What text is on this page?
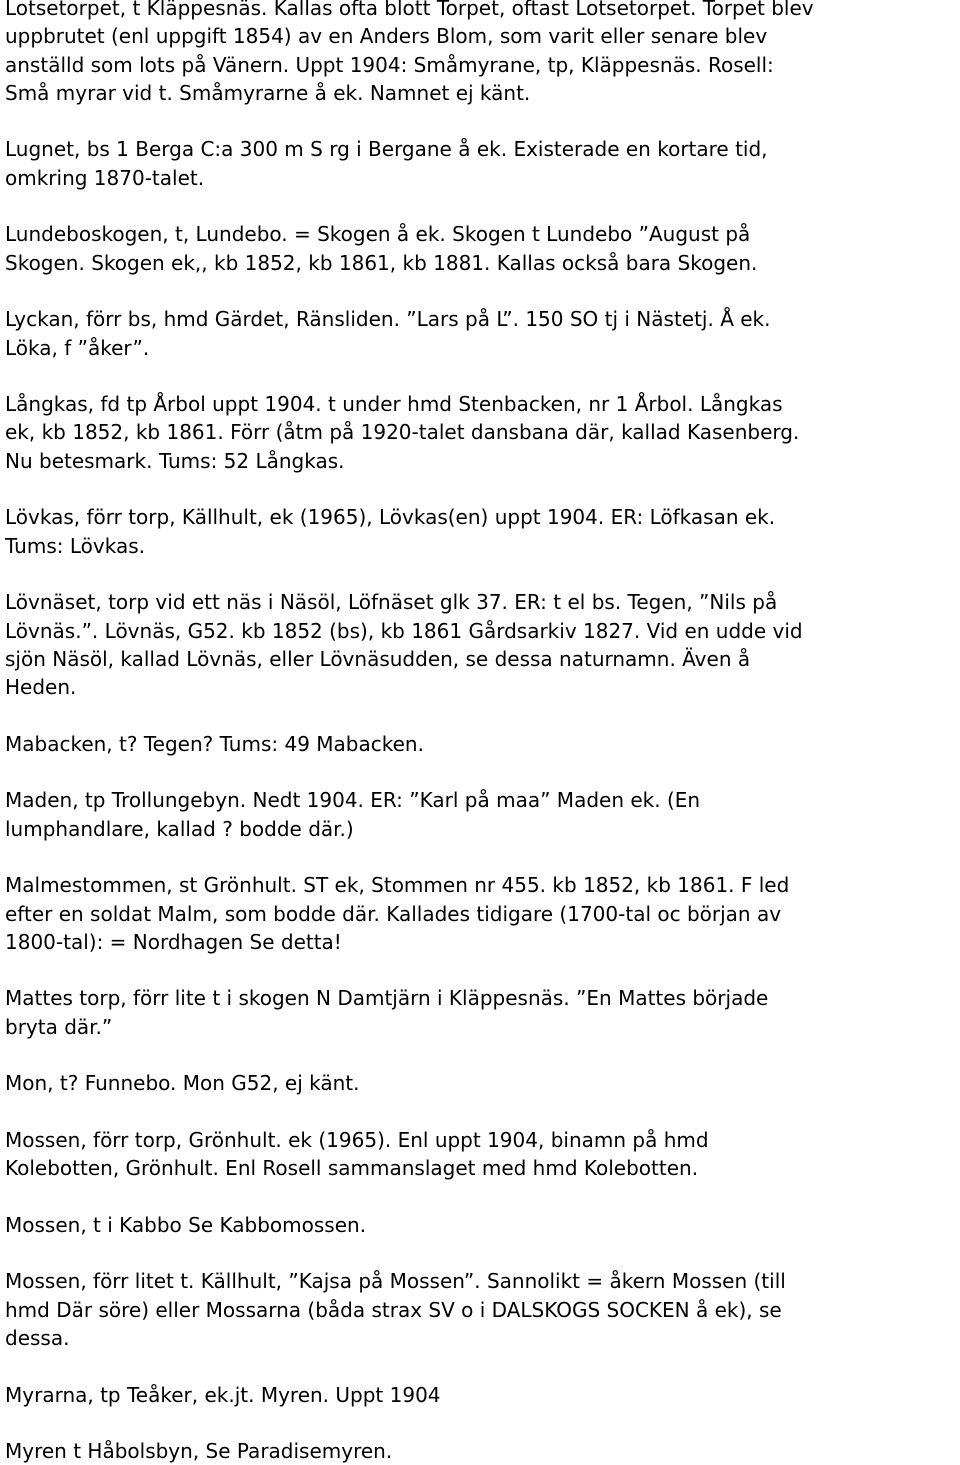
Lotsetorpet, t Kläppesnäs. Kallas ofta blott Torpet, oftast Lotsetorpet. Torpet blev
uppbrutet (enl uppgift 1854) av en Anders Blom, som varit eller senare blev
anställd som lots på Vänern. Uppt 1904: Småmyrane, tp, Kläppesnäs. Rosell:
Små myrar vid t. Småmyrarne å ek. Namnet ej känt.

Lugnet, bs 1 Berga C:a 300 m S rg i Bergane å ek. Existerade en kortare tid,
omkring 1870-talet.

Lundeboskogen, t, Lundebo. = Skogen å ek. Skogen t Lundebo ”August på
Skogen. Skogen ek,, kb 1852, kb 1861, kb 1881. Kallas också bara Skogen.

Lyckan, förr bs, hmd Gärdet, Ränsliden. ”Lars på L”. 150 SO tj i Nästetj. Å ek.
Löka, f ”åker”.

Långkas, fd tp Årbol uppt 1904. t under hmd Stenbacken, nr 1 Årbol. Långkas
ek, kb 1852, kb 1861. Förr (åtm på 1920-talet dansbana där, kallad Kasenberg.
Nu betesmark. Tums: 52 Långkas.

Lövkas, förr torp, Källhult, ek (1965), Lövkas(en) uppt 1904. ER: Löfkasan ek.
Tums: Lövkas.

Lövnäset, torp vid ett näs i Näsöl, Löfnäset glk 37. ER: t el bs. Tegen, ”Nils på
Lövnäs.”. Lövnäs, G52. kb 1852 (bs), kb 1861 Gårdsarkiv 1827. Vid en udde vid
sjön Näsöl, kallad Lövnäs, eller Lövnäsudden, se dessa naturnamn. Även å
Heden.

Mabacken, t? Tegen? Tums: 49 Mabacken.

Maden, tp Trollungebyn. Nedt 1904. ER: ”Karl på maa” Maden ek. (En
lumphandlare, kallad ? bodde där.)

Malmestommen, st Grönhult. ST ek, Stommen nr 455. kb 1852, kb 1861. F led
efter en soldat Malm, som bodde där. Kallades tidigare (1700-tal oc början av
1800-tal): = Nordhagen Se detta!

Mattes torp, förr lite t i skogen N Damtjärn i Kläppesnäs. ”En Mattes började
bryta där.”

Mon, t? Funnebo. Mon G52, ej känt.

Mossen, förr torp, Grönhult. ek (1965). Enl uppt 1904, binamn på hmd
Kolebotten, Grönhult. Enl Rosell sammanslaget med hmd Kolebotten.

Mossen, t i Kabbo Se Kabbomossen.

Mossen, förr litet t. Källhult, ”Kajsa på Mossen”. Sannolikt = åkern Mossen (till
hmd Där söre) eller Mossarna (båda strax SV o i DALSKOGS SOCKEN å ek), se
dessa.

Myrarna, tp Teåker, ek.jt. Myren. Uppt 1904

Myren t Håbolsbyn, Se Paradisemyren.
